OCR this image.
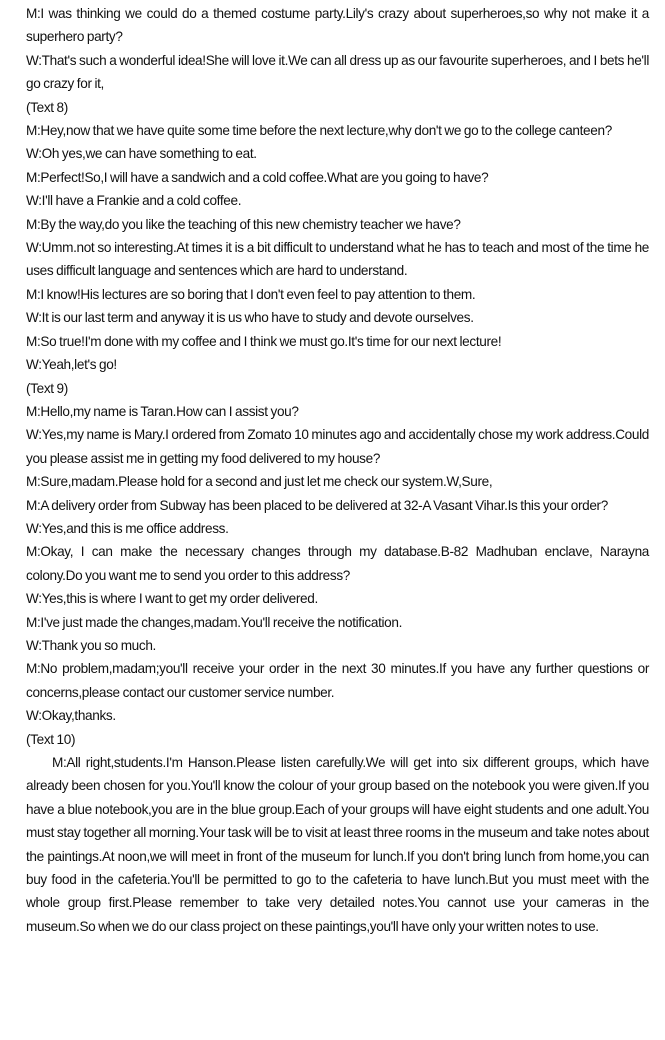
M:I was thinking we could do a themed costume party.Lily's crazy about superheroes,so why not make it a superhero party?

W:That's such a wonderful idea!She will love it.We can all dress up as our favourite superheroes, and I bets he'll go crazy for it,

(Text 8)

M:Hey,now that we have quite some time before the next lecture,why don't we go to the college canteen?

W:Oh yes,we can have something to eat.

M:Perfect!So,I will have a sandwich and a cold coffee.What are you going to have?

W:I'll have a Frankie and a cold coffee.

M:By the way,do you like the teaching of this new chemistry teacher we have?

W:Umm.not so interesting.At times it is a bit difficult to understand what he has to teach and most of the time he uses difficult language and sentences which are hard to understand.

M:I know!His lectures are so boring that I don't even feel to pay attention to them.

W:It is our last term and anyway it is us who have to study and devote ourselves.

M:So true!I'm done with my coffee and I think we must go.It's time for our next lecture!

W:Yeah,let's go!

(Text 9)

M:Hello,my name is Taran.How can I assist you?

W:Yes,my name is Mary.I ordered from Zomato 10 minutes ago and accidentally chose my work address.Could you please assist me in getting my food delivered to my house?

M:Sure,madam.Please hold for a second and just let me check our system.W,Sure,

M:A delivery order from Subway has been placed to be delivered at 32-A Vasant Vihar.Is this your order?

W:Yes,and this is me office address.

M:Okay, I can make the necessary changes through my database.B-82 Madhuban enclave, Narayna colony.Do you want me to send you order to this address?

W:Yes,this is where I want to get my order delivered.

M:I've just made the changes,madam.You'll receive the notification.

W:Thank you so much.

M:No problem,madam;you'll receive your order in the next 30 minutes.If you have any further questions or concerns,please contact our customer service number.

W:Okay,thanks.

(Text 10)

M:All right,students.I'm Hanson.Please listen carefully.We will get into six different groups, which have already been chosen for you.You'll know the colour of your group based on the notebook you were given.If you have a blue notebook,you are in the blue group.Each of your groups will have eight students and one adult.You must stay together all morning.Your task will be to visit at least three rooms in the museum and take notes about the paintings.At noon,we will meet in front of the museum for lunch.If you don't bring lunch from home,you can buy food in the cafeteria.You'll be permitted to go to the cafeteria to have lunch.But you must meet with the whole group first.Please remember to take very detailed notes.You cannot use your cameras in the museum.So when we do our class project on these paintings,you'll have only your written notes to use.
